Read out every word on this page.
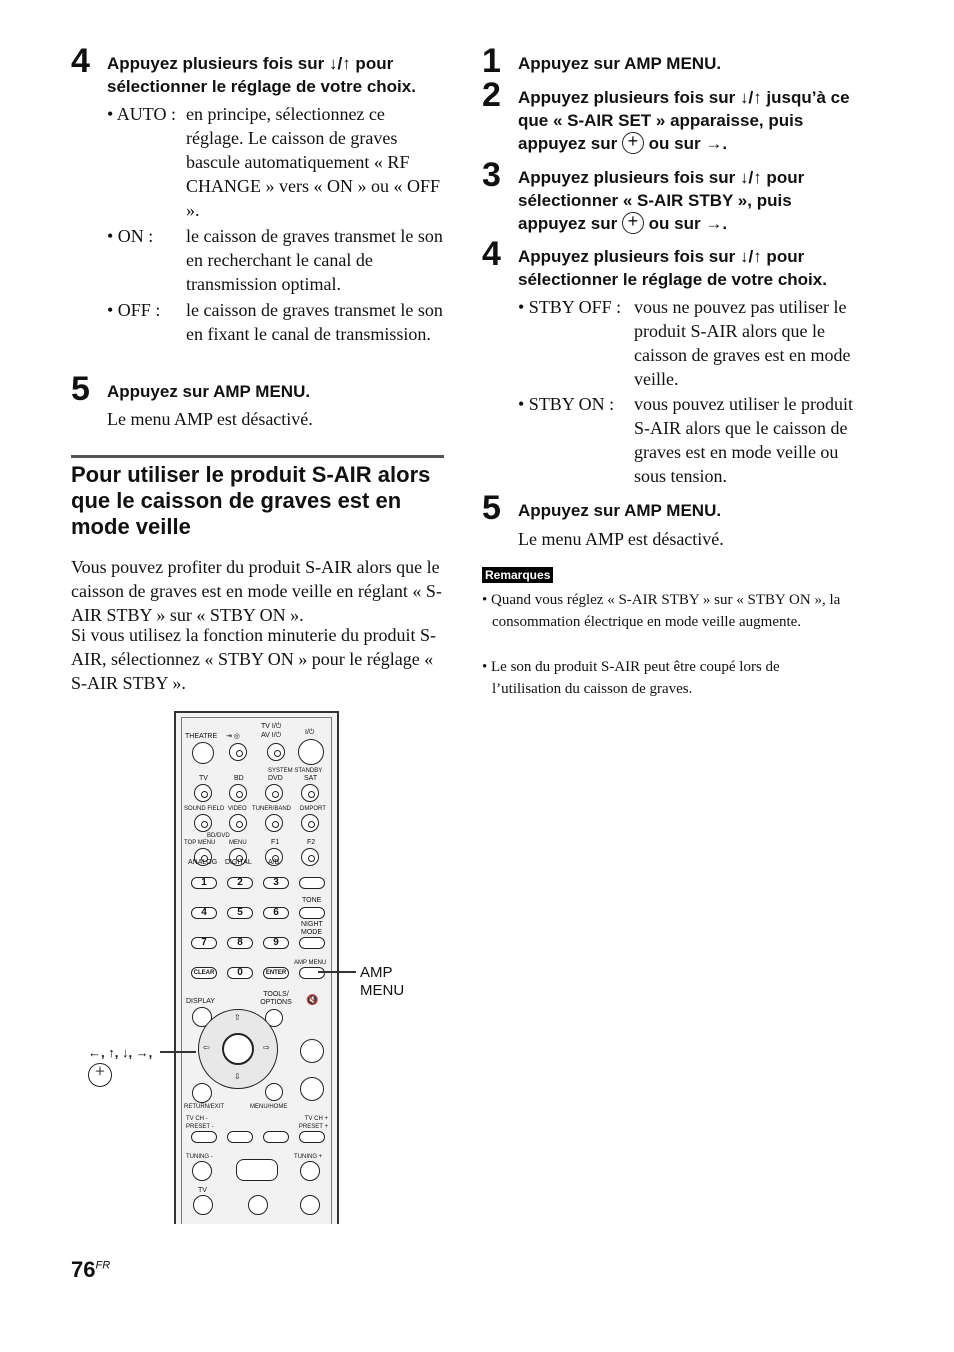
4 Appuyez plusieurs fois sur ↓/↑ pour sélectionner le réglage de votre choix.
• AUTO : en principe, sélectionnez ce réglage. Le caisson de graves bascule automatiquement « RF CHANGE » vers « ON » ou « OFF ».
• ON : le caisson de graves transmet le son en recherchant le canal de transmission optimal.
• OFF : le caisson de graves transmet le son en fixant le canal de transmission.
5 Appuyez sur AMP MENU.
Le menu AMP est désactivé.
Pour utiliser le produit S-AIR alors que le caisson de graves est en mode veille
Vous pouvez profiter du produit S-AIR alors que le caisson de graves est en mode veille en réglant « S-AIR STBY » sur « STBY ON ».
Si vous utilisez la fonction minuterie du produit S-AIR, sélectionnez « STBY ON » pour le réglage « S-AIR STBY ».
1 Appuyez sur AMP MENU.
2 Appuyez plusieurs fois sur ↓/↑ jusqu’à ce que « S-AIR SET » apparaisse, puis appuyez sur + ou sur →.
3 Appuyez plusieurs fois sur ↓/↑ pour sélectionner « S-AIR STBY », puis appuyez sur + ou sur →.
4 Appuyez plusieurs fois sur ↓/↑ pour sélectionner le réglage de votre choix.
• STBY OFF : vous ne pouvez pas utiliser le produit S-AIR alors que le caisson de graves est en mode veille.
• STBY ON : vous pouvez utiliser le produit S-AIR alors que le caisson de graves est en mode veille ou sous tension.
5 Appuyez sur AMP MENU.
Le menu AMP est désactivé.
Remarques
• Quand vous réglez « S-AIR STBY » sur « STBY ON », la consommation électrique en mode veille augmente.
• Le son du produit S-AIR peut être coupé lors de l’utilisation du caisson de graves.
THEATRE ⇥ ◎
TV I/⏻
AV I/⏻	I/⏻
SYSTEM STANDBY
TV	BD	DVD	SAT
SOUND FIELD VIDEO TUNER/BAND DMPORT
BD/DVD
TOP MENU MENU	F1	F2
ANALOG DIGITAL A/B
1	2	3
TONE
4	5	6
NIGHT MODE
7	8	9
CLEAR	0	ENTER
AMP MENU
DISPLAY
TOOLS/ OPTIONS	🔇
⇧
⇩
⇦	⇨
RETURN/EXIT	MENU/HOME
TV CH - PRESET -
TV CH + PRESET +
TUNING -	TUNING +
TV
AMP MENU
←, ↑, ↓, →,
+
$76^{FR}$
